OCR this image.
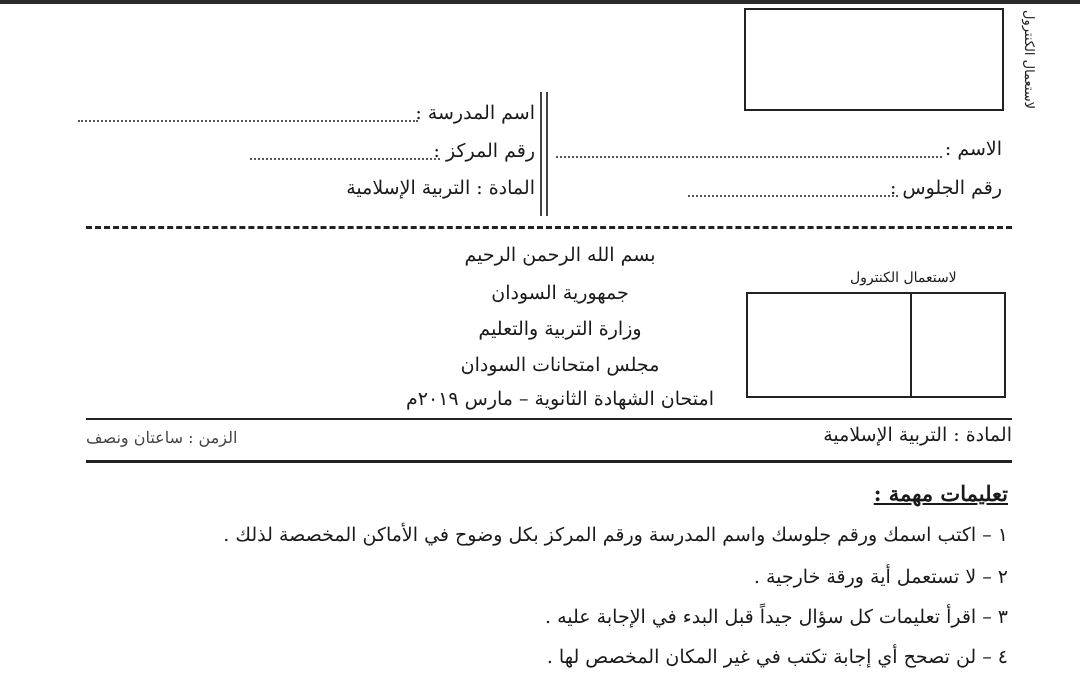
لاستعمال الكنترول
اسم المدرسة :
رقم المركز :
المادة : التربية الإسلامية
الاسم :
رقم الجلوس :
بسم الله الرحمن الرحيم
جمهورية السودان
وزارة التربية والتعليم
مجلس امتحانات السودان
امتحان الشهادة الثانوية – مارس ٢٠١٩م
لاستعمال الكنترول
المادة : التربية الإسلامية
الزمن : ساعتان ونصف
تعليمات مهمة :
١ – اكتب اسمك ورقم جلوسك واسم المدرسة ورقم المركز بكل وضوح في الأماكن المخصصة لذلك .
٢ – لا تستعمل أية ورقة خارجية .
٣ – اقرأ تعليمات كل سؤال جيداً قبل البدء في الإجابة عليه .
٤ – لن تصحح أي إجابة تكتب في غير المكان المخصص لها .
